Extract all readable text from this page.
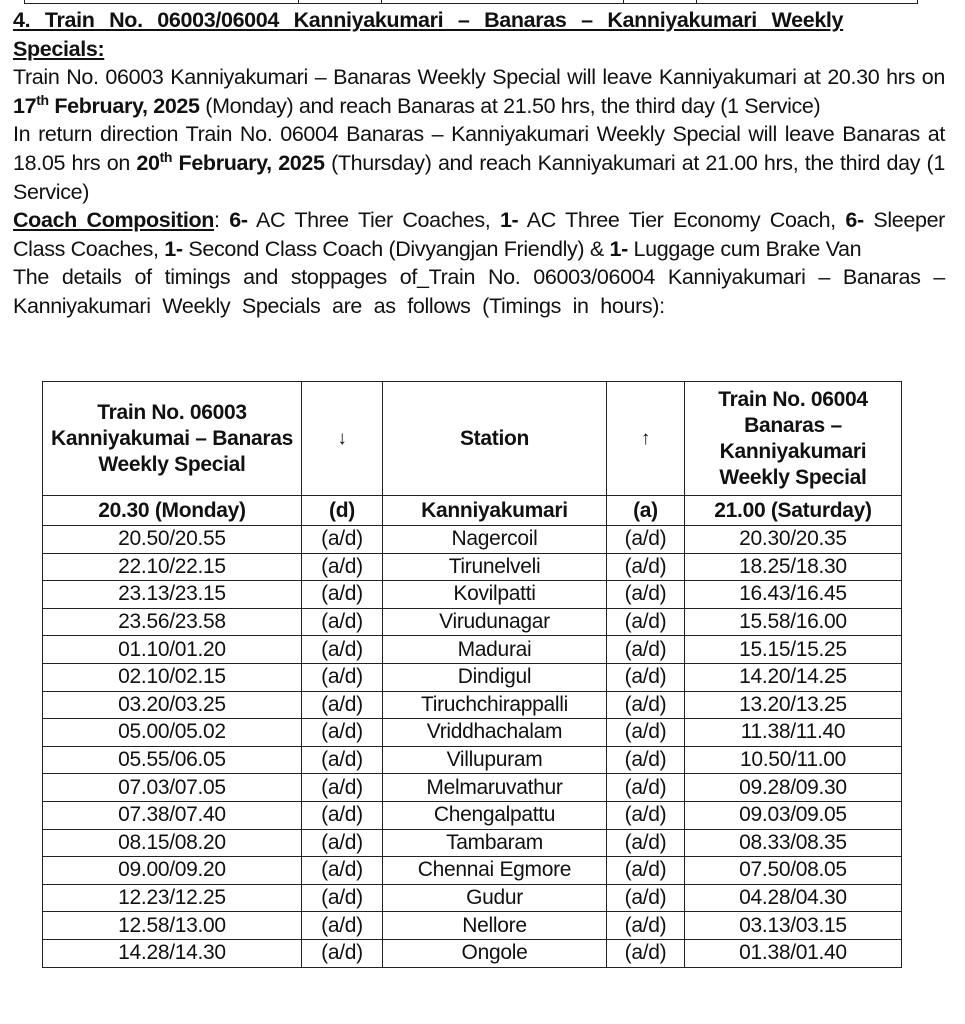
4. Train No. 06003/06004 Kanniyakumari – Banaras – Kanniyakumari Weekly

Specials:

Train No. 06003 Kanniyakumari – Banaras Weekly Special will leave Kanniyakumari at 20.30 hrs on 17th February, 2025 (Monday) and reach Banaras at 21.50 hrs, the third day (1 Service)

In return direction Train No. 06004 Banaras – Kanniyakumari Weekly Special will leave Banaras at 18.05 hrs on 20th February, 2025 (Thursday) and reach Kanniyakumari at 21.00 hrs, the third day (1 Service)

Coach Composition: 6- AC Three Tier Coaches, 1- AC Three Tier Economy Coach, 6- Sleeper Class Coaches, 1- Second Class Coach (Divyangjan Friendly) & 1- Luggage cum Brake Van

The details of timings and stoppages of_Train No. 06003/06004 Kanniyakumari – Banaras – Kanniyakumari Weekly Specials are as follows (Timings in hours):

Train No. 06003 Kanniyakumai – Banaras Weekly Special	↓	Station	↑	Train No. 06004 Banaras – Kanniyakumari Weekly Special
20.30 (Monday)	(d)	Kanniyakumari	(a)	21.00 (Saturday)
20.50/20.55	(a/d)	Nagercoil	(a/d)	20.30/20.35
22.10/22.15	(a/d)	Tirunelveli	(a/d)	18.25/18.30
23.13/23.15	(a/d)	Kovilpatti	(a/d)	16.43/16.45
23.56/23.58	(a/d)	Virudunagar	(a/d)	15.58/16.00
01.10/01.20	(a/d)	Madurai	(a/d)	15.15/15.25
02.10/02.15	(a/d)	Dindigul	(a/d)	14.20/14.25
03.20/03.25	(a/d)	Tiruchchirappalli	(a/d)	13.20/13.25
05.00/05.02	(a/d)	Vriddhachalam	(a/d)	11.38/11.40
05.55/06.05	(a/d)	Villupuram	(a/d)	10.50/11.00
07.03/07.05	(a/d)	Melmaruvathur	(a/d)	09.28/09.30
07.38/07.40	(a/d)	Chengalpattu	(a/d)	09.03/09.05
08.15/08.20	(a/d)	Tambaram	(a/d)	08.33/08.35
09.00/09.20	(a/d)	Chennai Egmore	(a/d)	07.50/08.05
12.23/12.25	(a/d)	Gudur	(a/d)	04.28/04.30
12.58/13.00	(a/d)	Nellore	(a/d)	03.13/03.15
14.28/14.30	(a/d)	Ongole	(a/d)	01.38/01.40
